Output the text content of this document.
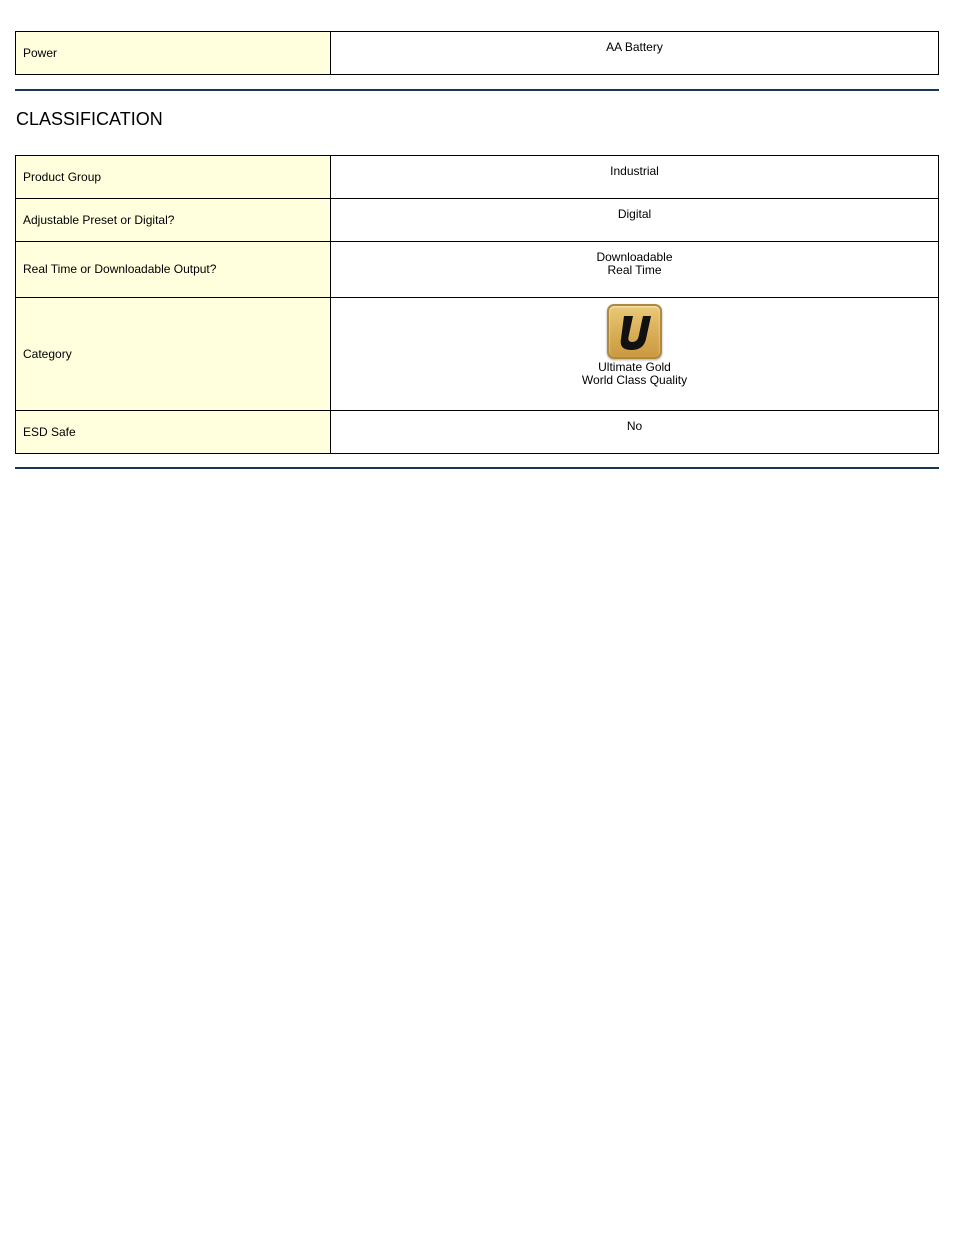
Power	AA Battery
CLASSIFICATION
Product Group	Industrial

Adjustable Preset or Digital?	Digital

Real Time or Downloadable Output?	Downloadable
Real Time

Category	Ultimate Gold
World Class Quality

ESD Safe	No
